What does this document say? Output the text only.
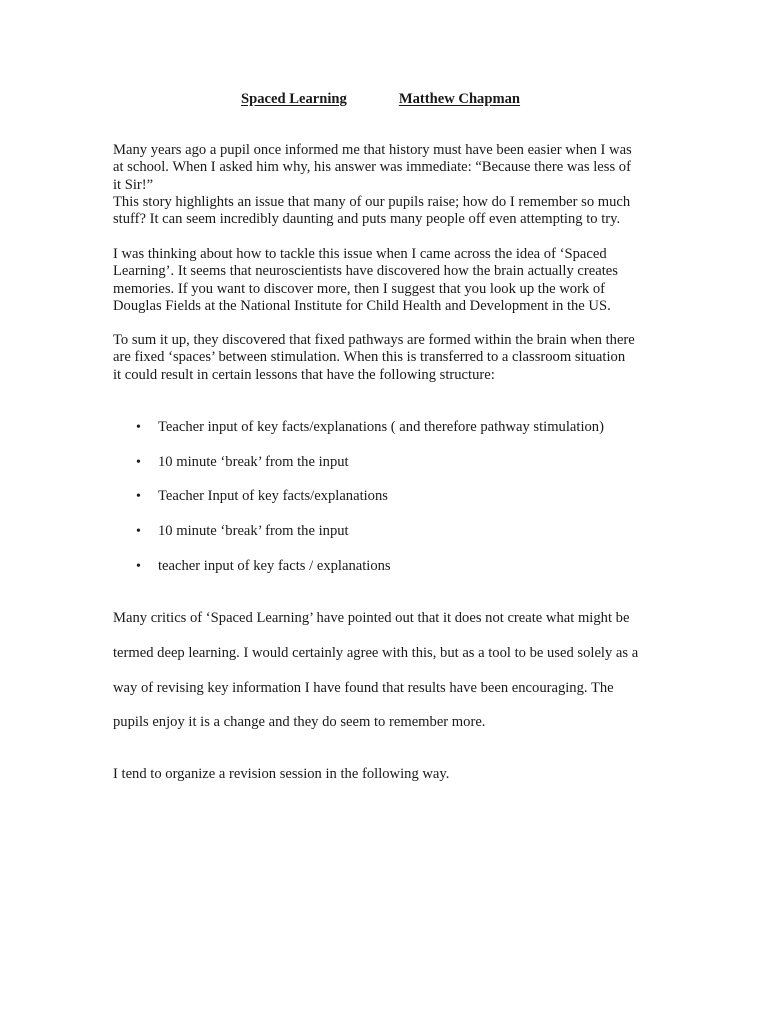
Spaced Learning	Matthew Chapman
Many years ago a pupil once informed me that history must have been easier when I was
at school. When I asked him why, his answer was immediate: “Because there was less of
it Sir!”
This story highlights an issue that many of our pupils raise; how do I remember so much
stuff? It can seem incredibly daunting and puts many people off even attempting to try.
I was thinking about how to tackle this issue when I came across the idea of ‘Spaced
Learning’. It seems that neuroscientists have discovered how the brain actually creates
memories. If you want to discover more, then I suggest that you look up the work of
Douglas Fields at the National Institute for Child Health and Development in the US.
To sum it up, they discovered that fixed pathways are formed within the brain when there
are fixed ‘spaces’ between stimulation. When this is transferred to a classroom situation
it could result in certain lessons that have the following structure:
• Teacher input of key facts/explanations ( and therefore pathway stimulation)
• 10 minute ‘break’ from the input
• Teacher Input of key facts/explanations
• 10 minute ‘break’ from the input
• teacher input of key facts / explanations
Many critics of ‘Spaced Learning’ have pointed out that it does not create what might be
termed deep learning. I would certainly agree with this, but as a tool to be used solely as a
way of revising key information I have found that results have been encouraging. The
pupils enjoy it is a change and they do seem to remember more.
I tend to organize a revision session in the following way.
